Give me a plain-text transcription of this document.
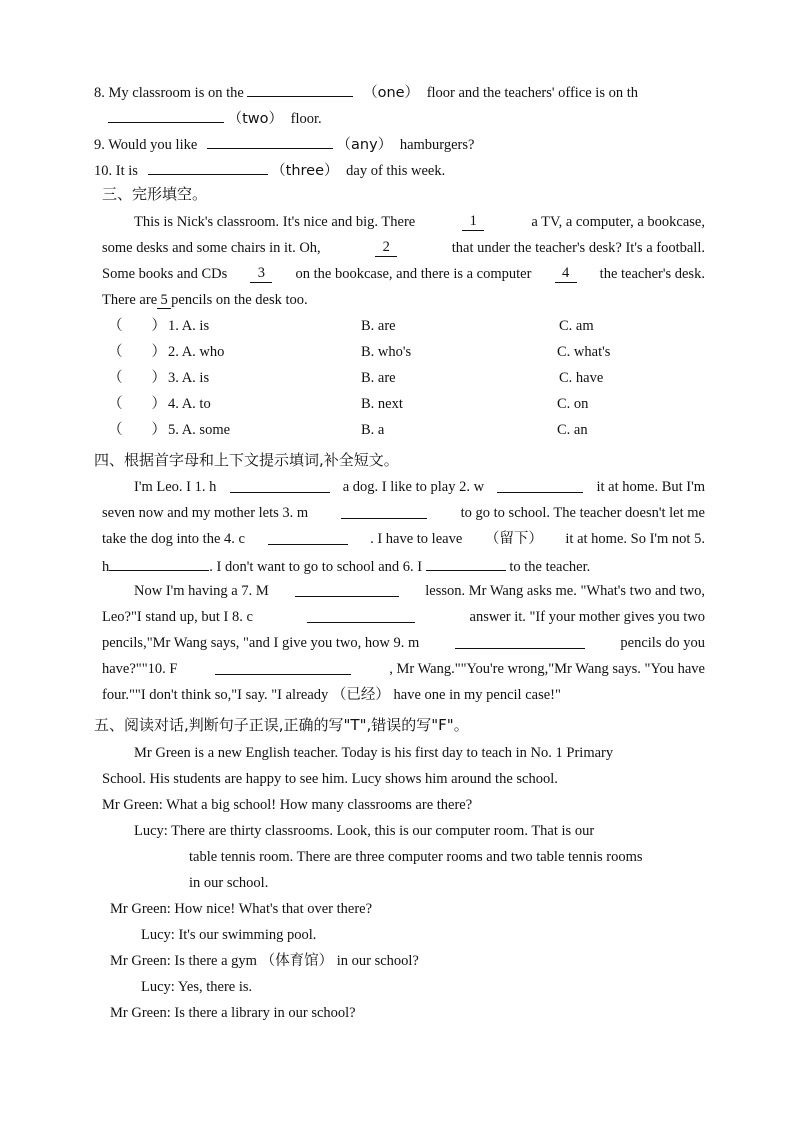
8. My classroom is on the	（one） floor and the teachers' office is on th
（two） floor.
9. Would you like	（any） hamburgers?
10. It is	（three） day of this week.
三、完形填空。
This is Nick's classroom. It's nice and big. There	1	a TV, a computer, a bookcase,
some desks and some chairs in it. Oh,	2	that under the teacher's desk? It's a football.
Some books and CDs	3	on the bookcase, and there is a computer	4	the teacher's desk.
There are 5 pencils on the desk too.
（　　） 1. A. is	B. are	C. am
（　　） 2. A. who	B. who's	C. what's
（　　） 3. A. is	B. are	C. have
（　　） 4. A. to	B. next	C. on
（　　） 5. A. some	B. a	C. an
四、根据首字母和上下文提示填词,补全短文。
I'm Leo. I 1. h	a dog. I like to play 2. w	it at home. But I'm
seven now and my mother lets 3. m	to go to school. The teacher doesn't let me
take the dog into the 4. c	. I have to leave （留下） it at home. So I'm not 5.
h	. I don't want to go to school and 6. I	to the teacher.
Now I'm having a 7. M	lesson. Mr Wang asks me. "What's two and two,
Leo?"I stand up, but I 8. c	answer it. "If your mother gives you two
pencils,"Mr Wang says, "and I give you two, how 9. m	pencils do you
have?""10. F	, Mr Wang.""You're wrong,"Mr Wang says. "You have
four.""I don't think so,"I say. "I already （已经） have one in my pencil case!"
五、阅读对话,判断句子正误,正确的写"T",错误的写"F"。
Mr Green is a new English teacher. Today is his first day to teach in No. 1 Primary
School. His students are happy to see him. Lucy shows him around the school.
Mr Green: What a big school! How many classrooms are there?
Lucy: There are thirty classrooms. Look, this is our computer room. That is our
table tennis room. There are three computer rooms and two table tennis rooms
in our school.
Mr Green: How nice! What's that over there?
Lucy: It's our swimming pool.
Mr Green: Is there a gym （体育馆） in our school?
Lucy: Yes, there is.
Mr Green: Is there a library in our school?
